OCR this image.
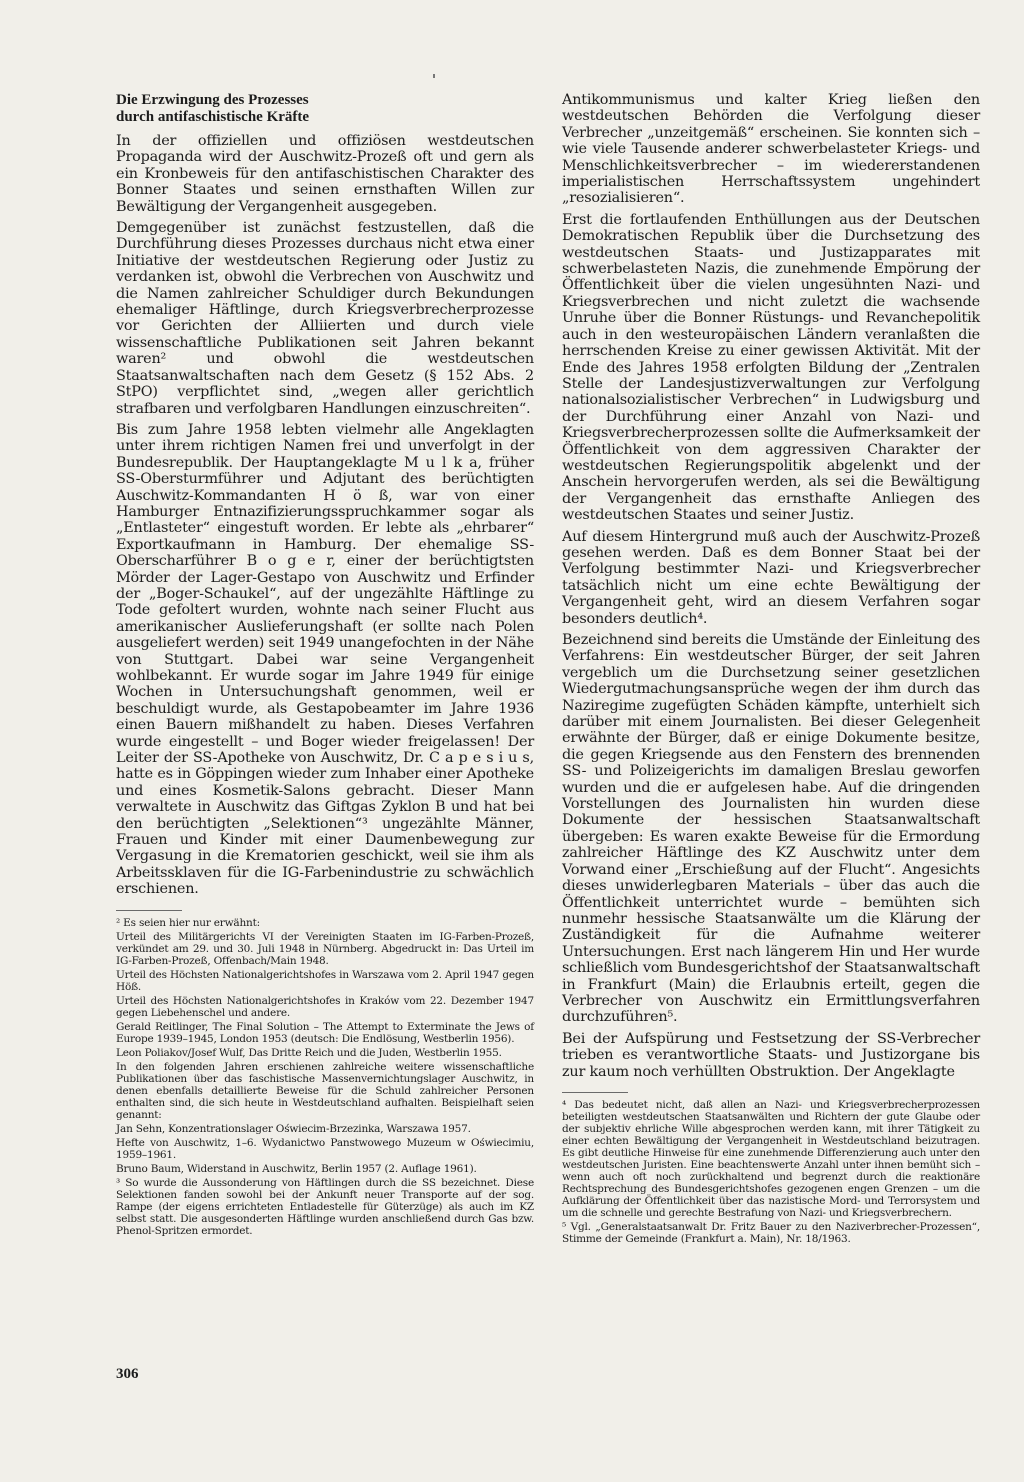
Die Erzwingung des Prozesses
durch antifaschistische Kräfte

In der offiziellen und offiziösen westdeutschen Propaganda wird der Auschwitz-Prozeß oft und gern als ein Kronbeweis für den antifaschistischen Charakter des Bonner Staates und seinen ernsthaften Willen zur Bewältigung der Vergangenheit ausgegeben.

Demgegenüber ist zunächst festzustellen, daß die Durchführung dieses Prozesses durchaus nicht etwa einer Initiative der westdeutschen Regierung oder Justiz zu verdanken ist, obwohl die Verbrechen von Auschwitz und die Namen zahlreicher Schuldiger durch Bekundungen ehemaliger Häftlinge, durch Kriegsverbrecherprozesse vor Gerichten der Alliierten und durch viele wissenschaftliche Publikationen seit Jahren bekannt waren² und obwohl die westdeutschen Staatsanwaltschaften nach dem Gesetz (§ 152 Abs. 2 StPO) verpflichtet sind, „wegen aller gerichtlich strafbaren und verfolgbaren Handlungen einzuschreiten“.

Bis zum Jahre 1958 lebten vielmehr alle Angeklagten unter ihrem richtigen Namen frei und unverfolgt in der Bundesrepublik. Der Hauptangeklagte M u l k a, früher SS-Obersturmführer und Adjutant des berüchtigten Auschwitz-Kommandanten H ö ß, war von einer Hamburger Entnazifizierungsspruchkammer sogar als „Entlasteter“ eingestuft worden. Er lebte als „ehrbarer“ Exportkaufmann in Hamburg. Der ehemalige SS-Oberscharführer B o g e r, einer der berüchtigtsten Mörder der Lager-Gestapo von Auschwitz und Erfinder der „Boger-Schaukel“, auf der ungezählte Häftlinge zu Tode gefoltert wurden, wohnte nach seiner Flucht aus amerikanischer Auslieferungshaft (er sollte nach Polen ausgeliefert werden) seit 1949 unangefochten in der Nähe von Stuttgart. Dabei war seine Vergangenheit wohlbekannt. Er wurde sogar im Jahre 1949 für einige Wochen in Untersuchungshaft genommen, weil er beschuldigt wurde, als Gestapobeamter im Jahre 1936 einen Bauern mißhandelt zu haben. Dieses Verfahren wurde eingestellt – und Boger wieder freigelassen! Der Leiter der SS-Apotheke von Auschwitz, Dr. C a p e s i u s, hatte es in Göppingen wieder zum Inhaber einer Apotheke und eines Kosmetik-Salons gebracht. Dieser Mann verwaltete in Auschwitz das Giftgas Zyklon B und hat bei den berüchtigten „Selektionen“³ ungezählte Männer, Frauen und Kinder mit einer Daumenbewegung zur Vergasung in die Krematorien geschickt, weil sie ihm als Arbeitssklaven für die IG-Farbenindustrie zu schwächlich erschienen.

² Es seien hier nur erwähnt:

Urteil des Militärgerichts VI der Vereinigten Staaten im IG-Farben-Prozeß, verkündet am 29. und 30. Juli 1948 in Nürnberg. Abgedruckt in: Das Urteil im IG-Farben-Prozeß, Offenbach/Main 1948.

Urteil des Höchsten Nationalgerichtshofes in Warszawa vom 2. April 1947 gegen Höß.

Urteil des Höchsten Nationalgerichtshofes in Kraków vom 22. Dezember 1947 gegen Liebehenschel und andere.

Gerald Reitlinger, The Final Solution – The Attempt to Exterminate the Jews of Europe 1939–1945, London 1953 (deutsch: Die Endlösung, Westberlin 1956).

Leon Poliakov/Josef Wulf, Das Dritte Reich und die Juden, Westberlin 1955.

In den folgenden Jahren erschienen zahlreiche weitere wissenschaftliche Publikationen über das faschistische Massenvernichtungslager Auschwitz, in denen ebenfalls detaillierte Beweise für die Schuld zahlreicher Personen enthalten sind, die sich heute in Westdeutschland aufhalten. Beispielhaft seien genannt:

Jan Sehn, Konzentrationslager Oświecim-Brzezinka, Warszawa 1957.

Hefte von Auschwitz, 1–6. Wydanictwo Panstwowego Muzeum w Oświecimiu, 1959–1961.

Bruno Baum, Widerstand in Auschwitz, Berlin 1957 (2. Auflage 1961).

³ So wurde die Aussonderung von Häftlingen durch die SS bezeichnet. Diese Selektionen fanden sowohl bei der Ankunft neuer Transporte auf der sog. Rampe (der eigens errichteten Entladestelle für Güterzüge) als auch im KZ selbst statt. Die ausgesonderten Häftlinge wurden anschließend durch Gas bzw. Phenol-Spritzen ermordet.

Antikommunismus und kalter Krieg ließen den westdeutschen Behörden die Verfolgung dieser Verbrecher „unzeitgemäß“ erscheinen. Sie konnten sich – wie viele Tausende anderer schwerbelasteter Kriegs- und Menschlichkeitsverbrecher – im wiedererstandenen imperialistischen Herrschaftssystem ungehindert „resozialisieren“.

Erst die fortlaufenden Enthüllungen aus der Deutschen Demokratischen Republik über die Durchsetzung des westdeutschen Staats- und Justizapparates mit schwerbelasteten Nazis, die zunehmende Empörung der Öffentlichkeit über die vielen ungesühnten Nazi- und Kriegsverbrechen und nicht zuletzt die wachsende Unruhe über die Bonner Rüstungs- und Revanchepolitik auch in den westeuropäischen Ländern veranlaßten die herrschenden Kreise zu einer gewissen Aktivität. Mit der Ende des Jahres 1958 erfolgten Bildung der „Zentralen Stelle der Landesjustizverwaltungen zur Verfolgung nationalsozialistischer Verbrechen“ in Ludwigsburg und der Durchführung einer Anzahl von Nazi- und Kriegsverbrecherprozessen sollte die Aufmerksamkeit der Öffentlichkeit von dem aggressiven Charakter der westdeutschen Regierungspolitik abgelenkt und der Anschein hervorgerufen werden, als sei die Bewältigung der Vergangenheit das ernsthafte Anliegen des westdeutschen Staates und seiner Justiz.

Auf diesem Hintergrund muß auch der Auschwitz-Prozeß gesehen werden. Daß es dem Bonner Staat bei der Verfolgung bestimmter Nazi- und Kriegsverbrecher tatsächlich nicht um eine echte Bewältigung der Vergangenheit geht, wird an diesem Verfahren sogar besonders deutlich⁴.

Bezeichnend sind bereits die Umstände der Einleitung des Verfahrens: Ein westdeutscher Bürger, der seit Jahren vergeblich um die Durchsetzung seiner gesetzlichen Wiedergutmachungsansprüche wegen der ihm durch das Naziregime zugefügten Schäden kämpfte, unterhielt sich darüber mit einem Journalisten. Bei dieser Gelegenheit erwähnte der Bürger, daß er einige Dokumente besitze, die gegen Kriegsende aus den Fenstern des brennenden SS- und Polizeigerichts im damaligen Breslau geworfen wurden und die er aufgelesen habe. Auf die dringenden Vorstellungen des Journalisten hin wurden diese Dokumente der hessischen Staatsanwaltschaft übergeben: Es waren exakte Beweise für die Ermordung zahlreicher Häftlinge des KZ Auschwitz unter dem Vorwand einer „Erschießung auf der Flucht“. Angesichts dieses unwiderlegbaren Materials – über das auch die Öffentlichkeit unterrichtet wurde – bemühten sich nunmehr hessische Staatsanwälte um die Klärung der Zuständigkeit für die Aufnahme weiterer Untersuchungen. Erst nach längerem Hin und Her wurde schließlich vom Bundesgerichtshof der Staatsanwaltschaft in Frankfurt (Main) die Erlaubnis erteilt, gegen die Verbrecher von Auschwitz ein Ermittlungsverfahren durchzuführen⁵.

Bei der Aufspürung und Festsetzung der SS-Verbrecher trieben es verantwortliche Staats- und Justizorgane bis zur kaum noch verhüllten Obstruktion. Der Angeklagte

⁴ Das bedeutet nicht, daß allen an Nazi- und Kriegsverbrecherprozessen beteiligten westdeutschen Staatsanwälten und Richtern der gute Glaube oder der subjektiv ehrliche Wille abgesprochen werden kann, mit ihrer Tätigkeit zu einer echten Bewältigung der Vergangenheit in Westdeutschland beizutragen. Es gibt deutliche Hinweise für eine zunehmende Differenzierung auch unter den westdeutschen Juristen. Eine beachtenswerte Anzahl unter ihnen bemüht sich – wenn auch oft noch zurückhaltend und begrenzt durch die reaktionäre Rechtsprechung des Bundesgerichtshofes gezogenen engen Grenzen – um die Aufklärung der Öffentlichkeit über das nazistische Mord- und Terrorsystem und um die schnelle und gerechte Bestrafung von Nazi- und Kriegsverbrechern.

⁵ Vgl. „Generalstaatsanwalt Dr. Fritz Bauer zu den Naziverbrecher-Prozessen“, Stimme der Gemeinde (Frankfurt a. Main), Nr. 18/1963.

306
